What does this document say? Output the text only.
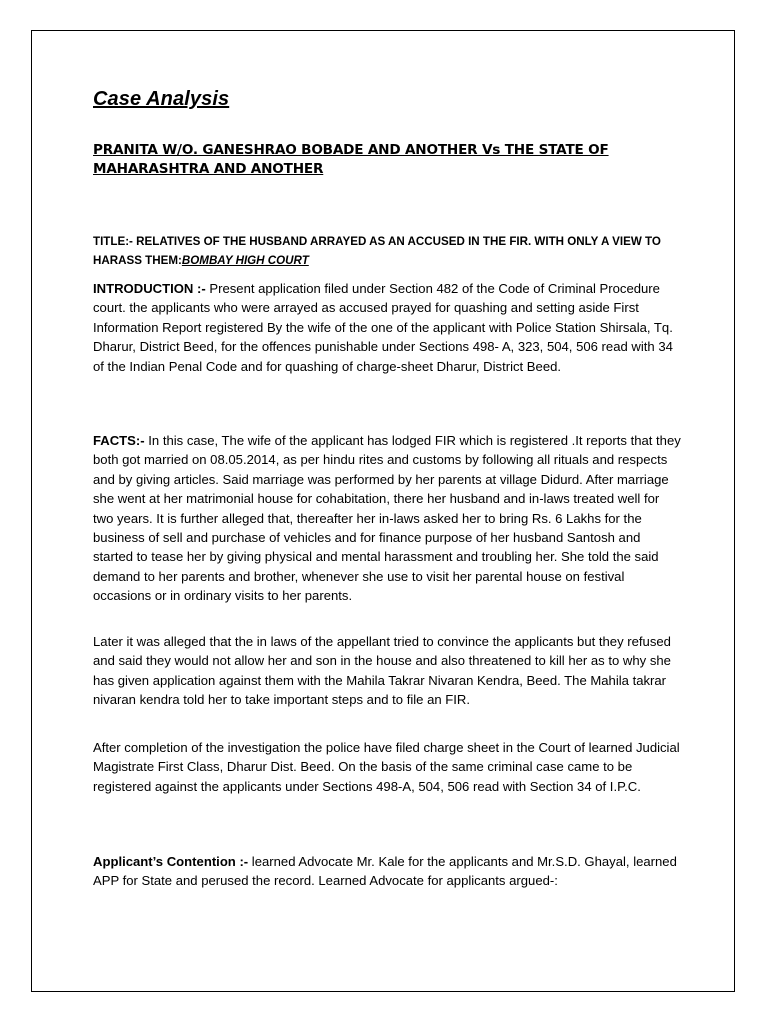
Case Analysis
PRANITA W/O. GANESHRAO BOBADE AND ANOTHER Vs THE STATE OF MAHARASHTRA AND ANOTHER
TITLE:- RELATIVES OF THE HUSBAND ARRAYED AS AN ACCUSED IN THE FIR. WITH ONLY A VIEW TO HARASS THEM:BOMBAY HIGH COURT
INTRODUCTION :- Present application filed under Section 482 of the Code of Criminal Procedure court. the applicants who were arrayed as accused prayed for quashing and setting aside First Information Report registered By the wife of the one of the applicant with Police Station Shirsala, Tq. Dharur, District Beed, for the offences punishable under Sections 498- A, 323, 504, 506 read with 34 of the Indian Penal Code and for quashing of charge-sheet Dharur, District Beed.
FACTS:- In this case, The wife of the applicant has lodged FIR which is registered .It reports that they both got married on 08.05.2014, as per hindu rites and customs by following all rituals and respects and by giving articles. Said marriage was performed by her parents at village Didurd. After marriage she went at her matrimonial house for cohabitation, there her husband and in-laws treated well for two years. It is further alleged that, thereafter her in-laws asked her to bring Rs. 6 Lakhs for the business of sell and purchase of vehicles and for finance purpose of her husband Santosh and started to tease her by giving physical and mental harassment and troubling her. She told the said demand to her parents and brother, whenever she use to visit her parental house on festival occasions or in ordinary visits to her parents.
Later it was alleged that the in laws of the appellant tried to convince the applicants but they refused and said they would not allow her and son in the house and also threatened to kill her as to why she has given application against them with the Mahila Takrar Nivaran Kendra, Beed. The Mahila takrar nivaran kendra told her to take important steps and to file an FIR.
After completion of the investigation the police have filed charge sheet in the Court of learned Judicial Magistrate First Class, Dharur Dist. Beed. On the basis of the same criminal case came to be registered against the applicants under Sections 498-A, 504, 506 read with Section 34 of I.P.C.
Applicant’s Contention :- learned Advocate Mr. Kale for the applicants and Mr.S.D. Ghayal, learned APP for State and perused the record. Learned Advocate for applicants argued-:
